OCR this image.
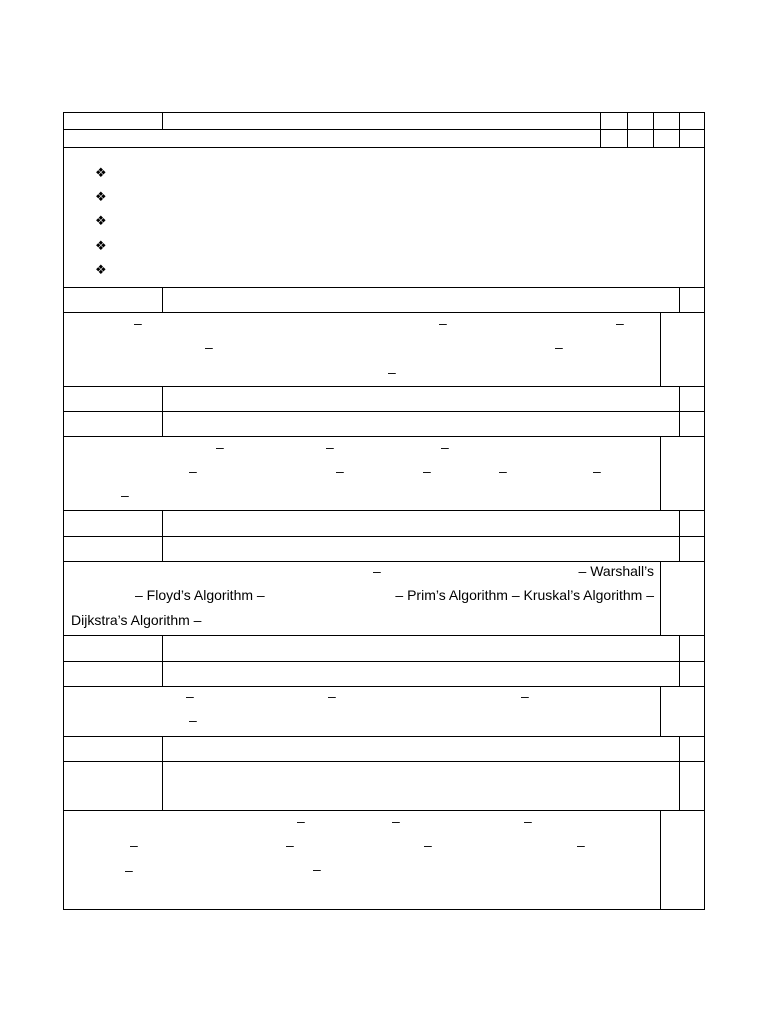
❖
❖
❖
❖
❖
–	–	–
–	–
–
–	–	–
–	–	–	–	–
–
–	– Warshall’s
– Floyd’s Algorithm –	– Prim’s Algorithm – Kruskal’s Algorithm –
Dijkstra’s Algorithm –
–	–	–
–
–	–	–
–	–	–	–
–	–
